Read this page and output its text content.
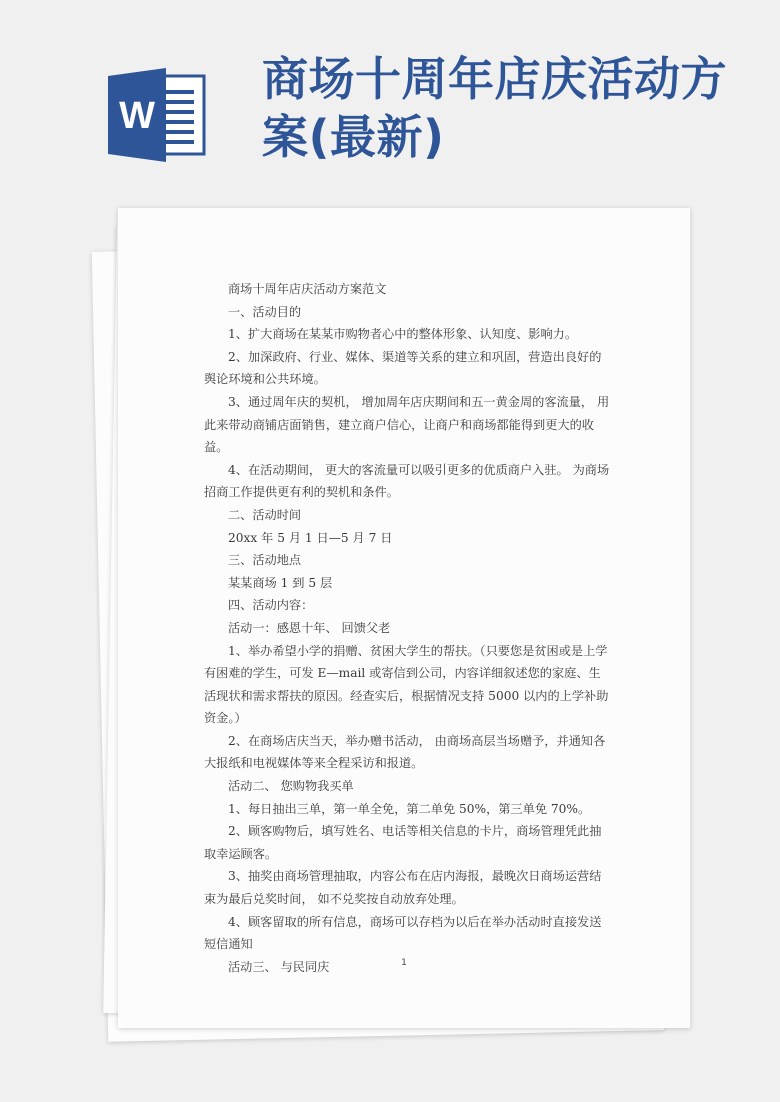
W
商场十周年店庆活动方案(最新)

商场十周年店庆活动方案范文

一、活动目的

1、扩大商场在某某市购物者心中的整体形象、认知度、影响力。

2、加深政府、行业、媒体、渠道等关系的建立和巩固，营造出良好的舆论环境和公共环境。

3、通过周年庆的契机， 增加周年店庆期间和五一黄金周的客流量， 用此来带动商铺店面销售，建立商户信心，让商户和商场都能得到更大的收益。

4、在活动期间， 更大的客流量可以吸引更多的优质商户入驻。 为商场招商工作提供更有利的契机和条件。

二、活动时间

20xx 年 5 月 1 日—5 月 7 日

三、活动地点

某某商场 1 到 5 层

四、活动内容：

活动一：感恩十年、 回馈父老

1、举办希望小学的捐赠、贫困大学生的帮扶。（只要您是贫困或是上学有困难的学生，可发 E—mail 或寄信到公司，内容详细叙述您的家庭、生活现状和需求帮扶的原因。经查实后，根据情况支持 5000 以内的上学补助资金。）

2、在商场店庆当天，举办赠书活动， 由商场高层当场赠予，并通知各大报纸和电视媒体等来全程采访和报道。

活动二、 您购物我买单

1、每日抽出三单，第一单全免，第二单免 50%，第三单免 70%。

2、顾客购物后，填写姓名、电话等相关信息的卡片，商场管理凭此抽取幸运顾客。

3、抽奖由商场管理抽取，内容公布在店内海报，最晚次日商场运营结束为最后兑奖时间， 如不兑奖按自动放弃处理。

4、顾客留取的所有信息，商场可以存档为以后在举办活动时直接发送短信通知

活动三、 与民同庆	1
